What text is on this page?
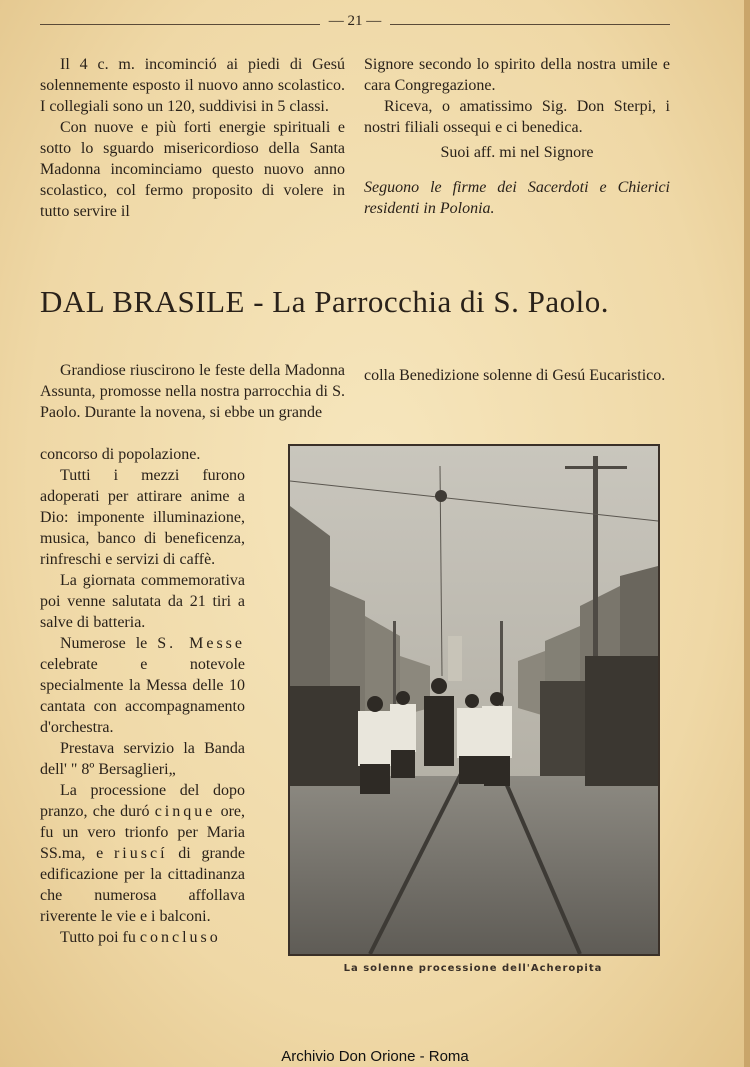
— 21 —

Il 4 c. m. incominció ai piedi di Gesú solennemente esposto il nuovo anno scolastico. I collegiali sono un 120, suddivisi in 5 classi.

Con nuove e più forti energie spirituali e sotto lo sguardo misericordioso della Santa Madonna incominciamo questo nuovo anno scolastico, col fermo proposito di volere in tutto servire il

Signore secondo lo spirito della nostra umile e cara Congregazione.

Riceva, o amatissimo Sig. Don Sterpi, i nostri filiali ossequi e ci benedica.

Suoi aff. mi nel Signore

Seguono le firme dei Sacerdoti e Chierici residenti in Polonia.

DAL BRASILE - La Parrocchia di S. Paolo.

colla Benedizione solenne di Gesú Eucaristico.

Grandiose riuscirono le feste della Madonna Assunta, promosse nella nostra parrocchia di S. Paolo. Durante la novena, si ebbe un grande

concorso di popolazione.

Tutti i mezzi furono adoperati per attirare anime a Dio: imponente illuminazione, musica, banco di beneficenza, rinfreschi e servizi di caffè.

La giornata commemorativa poi venne salutata da 21 tiri a salve di batteria.

Numerose le S. Messe celebrate e notevole specialmente la Messa delle 10 cantata con accompagnamento d'orchestra.

Prestava servizio la Banda dell' " 8º Bersaglieri„

La processione del dopo pranzo, che duró cinque ore, fu un vero trionfo per Maria SS.ma, e riuscí di grande edificazione per la cittadinanza che numerosa affollava riverente le vie e i balconi.

Tutto poi fu concluso

La solenne processione dell'Acheropita
Archivio Don Orione - Roma
